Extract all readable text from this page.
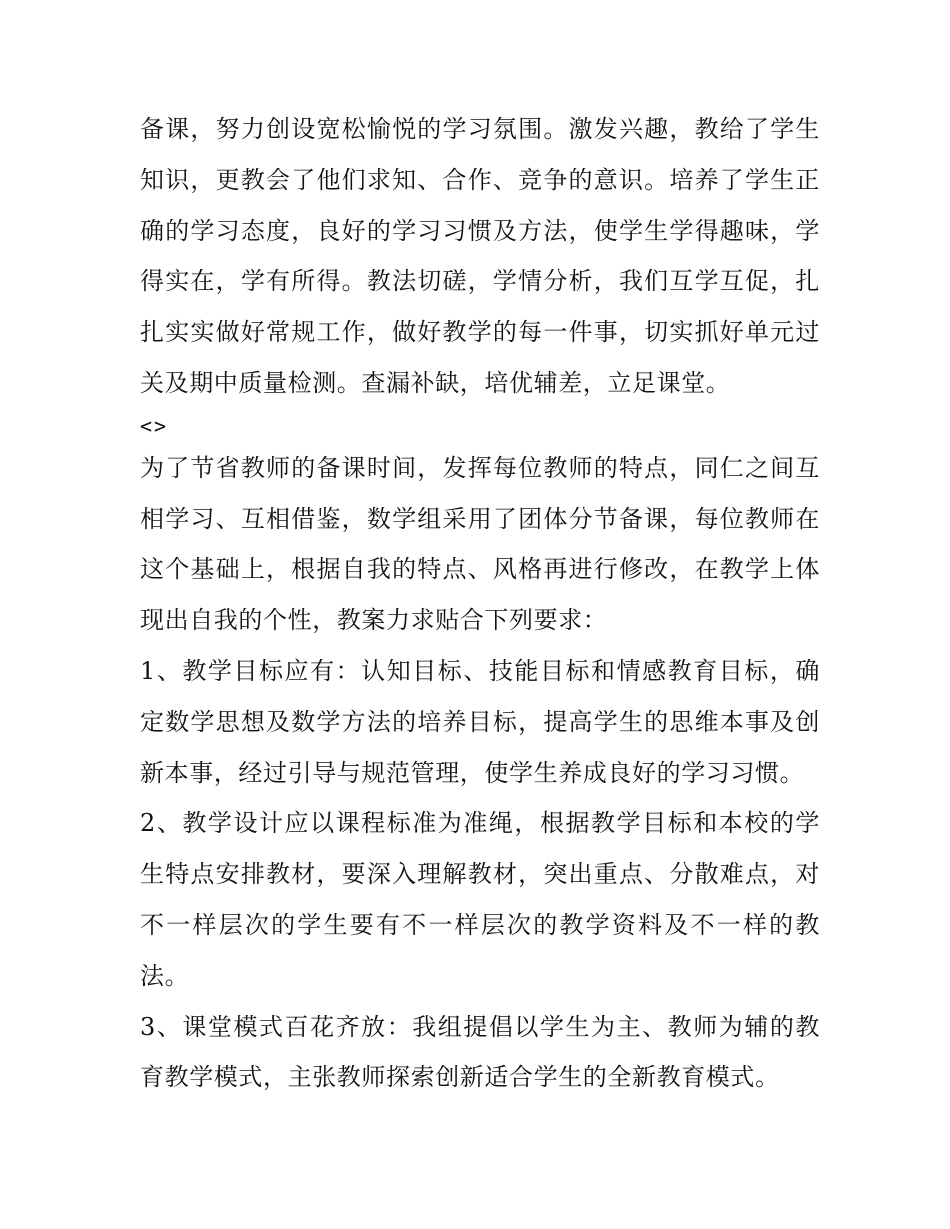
备课，努力创设宽松愉悦的学习氛围。激发兴趣，教给了学生知识，更教会了他们求知、合作、竞争的意识。培养了学生正确的学习态度，良好的学习习惯及方法，使学生学得趣味，学得实在，学有所得。教法切磋，学情分析，我们互学互促，扎扎实实做好常规工作，做好教学的每一件事，切实抓好单元过关及期中质量检测。查漏补缺，培优辅差，立足课堂。

<>

为了节省教师的备课时间，发挥每位教师的特点，同仁之间互相学习、互相借鉴，数学组采用了团体分节备课，每位教师在这个基础上，根据自我的特点、风格再进行修改，在教学上体现出自我的个性，教案力求贴合下列要求：

1、教学目标应有：认知目标、技能目标和情感教育目标，确定数学思想及数学方法的培养目标，提高学生的思维本事及创新本事，经过引导与规范管理，使学生养成良好的学习习惯。

2、教学设计应以课程标准为准绳，根据教学目标和本校的学生特点安排教材，要深入理解教材，突出重点、分散难点，对不一样层次的学生要有不一样层次的教学资料及不一样的教法。

3、课堂模式百花齐放：我组提倡以学生为主、教师为辅的教育教学模式，主张教师探索创新适合学生的全新教育模式。
